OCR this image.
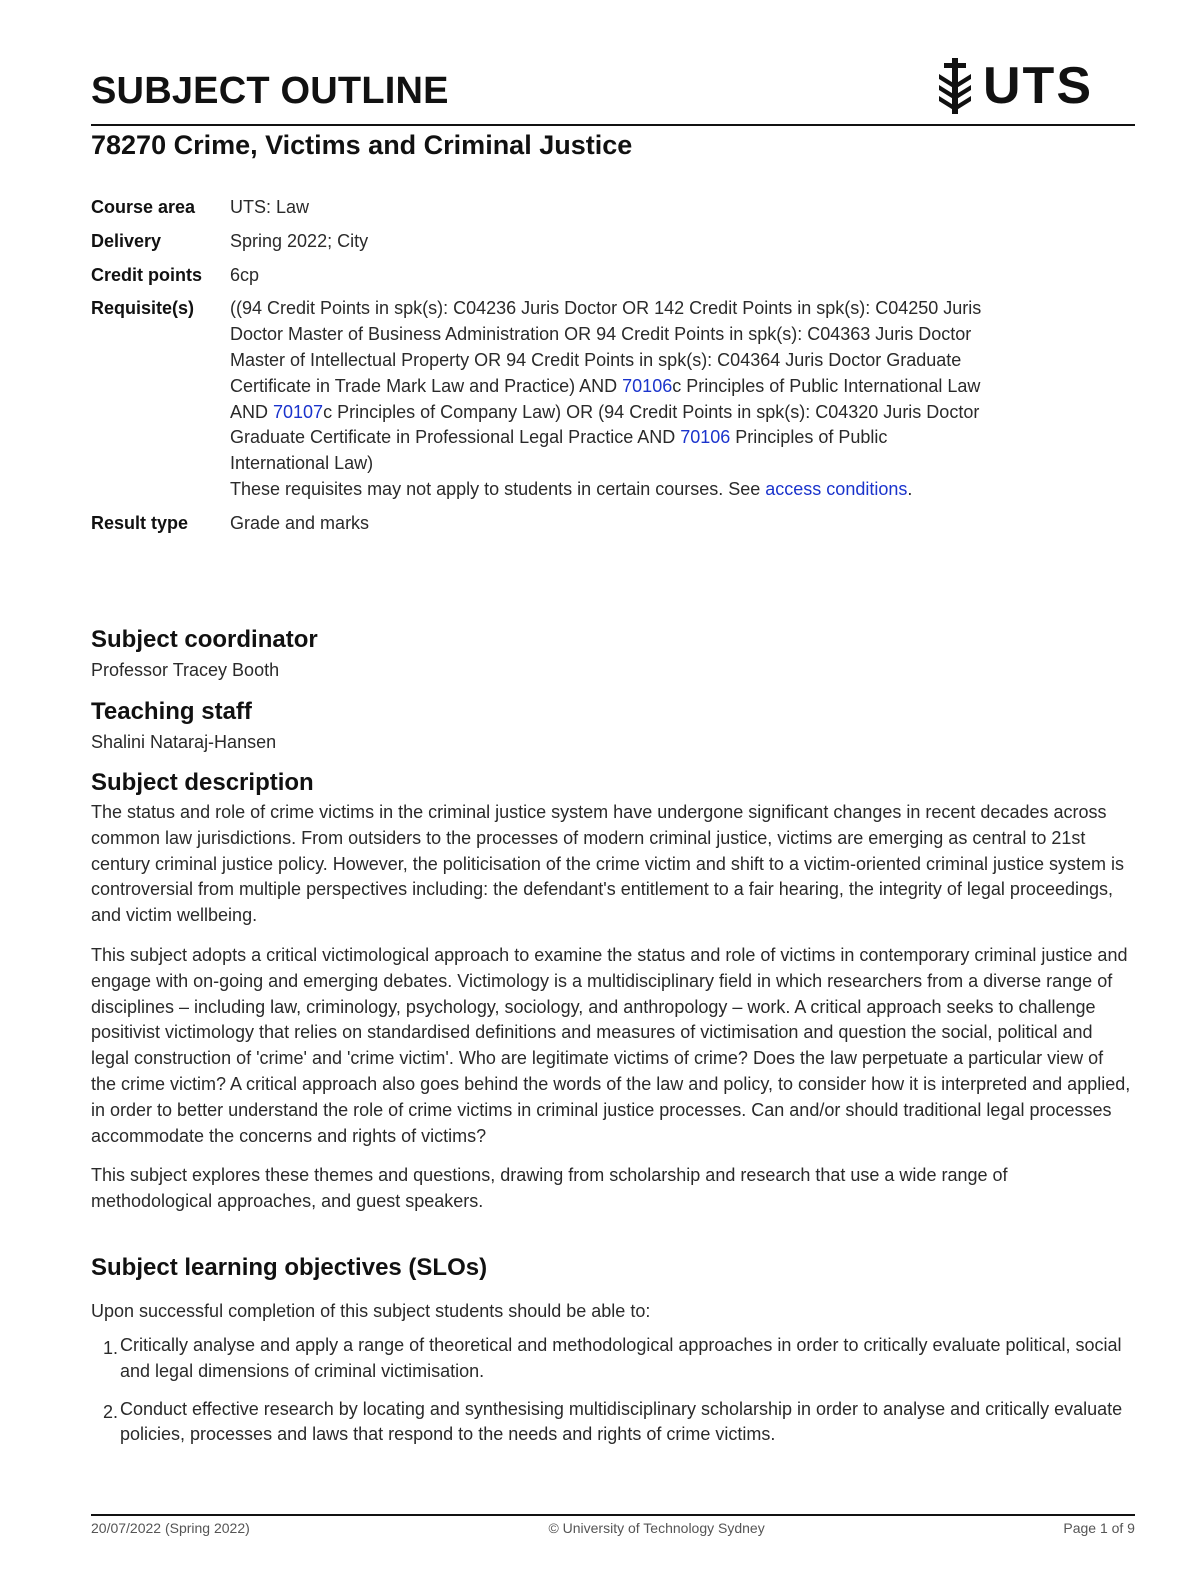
SUBJECT OUTLINE	UTS
78270 Crime, Victims and Criminal Justice
Course area	UTS: Law
Delivery	Spring 2022; City
Credit points	6cp
Requisite(s)	((94 Credit Points in spk(s): C04236 Juris Doctor OR 142 Credit Points in spk(s): C04250 Juris Doctor Master of Business Administration OR 94 Credit Points in spk(s): C04363 Juris Doctor Master of Intellectual Property OR 94 Credit Points in spk(s): C04364 Juris Doctor Graduate Certificate in Trade Mark Law and Practice) AND 70106c Principles of Public International Law AND 70107c Principles of Company Law) OR (94 Credit Points in spk(s): C04320 Juris Doctor Graduate Certificate in Professional Legal Practice AND 70106 Principles of Public International Law)
These requisites may not apply to students in certain courses. See access conditions.
Result type	Grade and marks
Subject coordinator
Professor Tracey Booth
Teaching staff
Shalini Nataraj-Hansen
Subject description

The status and role of crime victims in the criminal justice system have undergone significant changes in recent decades across common law jurisdictions. From outsiders to the processes of modern criminal justice, victims are emerging as central to 21st century criminal justice policy. However, the politicisation of the crime victim and shift to a victim-oriented criminal justice system is controversial from multiple perspectives including: the defendant's entitlement to a fair hearing, the integrity of legal proceedings, and victim wellbeing.

This subject adopts a critical victimological approach to examine the status and role of victims in contemporary criminal justice and engage with on-going and emerging debates. Victimology is a multidisciplinary field in which researchers from a diverse range of disciplines – including law, criminology, psychology, sociology, and anthropology – work. A critical approach seeks to challenge positivist victimology that relies on standardised definitions and measures of victimisation and question the social, political and legal construction of 'crime' and 'crime victim'. Who are legitimate victims of crime? Does the law perpetuate a particular view of the crime victim? A critical approach also goes behind the words of the law and policy, to consider how it is interpreted and applied, in order to better understand the role of crime victims in criminal justice processes. Can and/or should traditional legal processes accommodate the concerns and rights of victims?

This subject explores these themes and questions, drawing from scholarship and research that use a wide range of methodological approaches, and guest speakers.

Subject learning objectives (SLOs)
Upon successful completion of this subject students should be able to:
1. Critically analyse and apply a range of theoretical and methodological approaches in order to critically evaluate political, social and legal dimensions of criminal victimisation.
2. Conduct effective research by locating and synthesising multidisciplinary scholarship in order to analyse and critically evaluate policies, processes and laws that respond to the needs and rights of crime victims.
20/07/2022 (Spring 2022)	© University of Technology Sydney	Page 1 of 9
